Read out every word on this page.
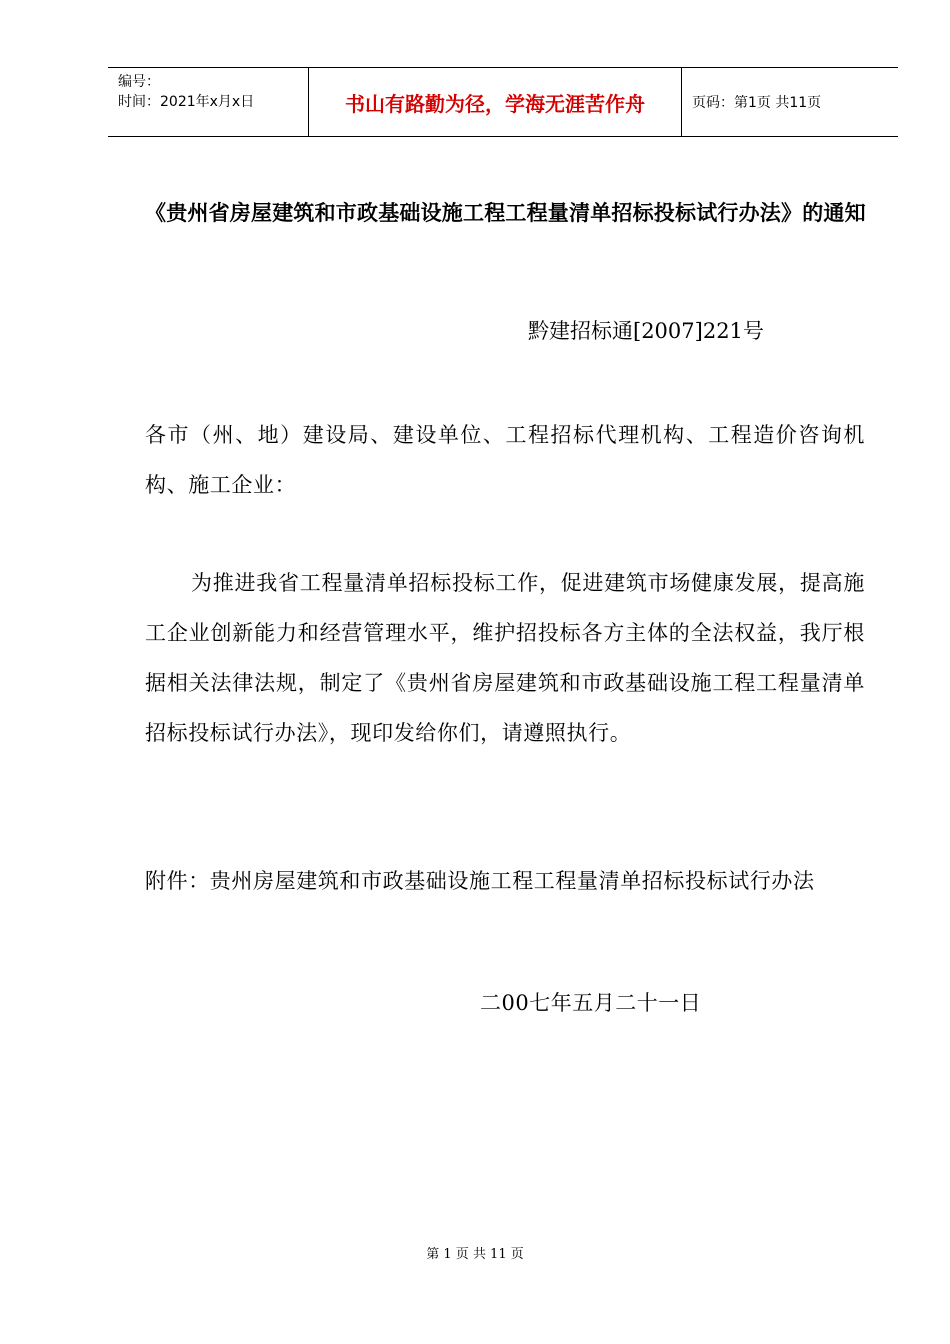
编号：
时间：2021年x月x日	书山有路勤为径，学海无涯苦作舟	页码：第1页 共11页
《贵州省房屋建筑和市政基础设施工程工程量清单招标投标试行办法》的通知
黔建招标通[2007]221号
各市（州、地）建设局、建设单位、工程招标代理机构、工程造价咨询机构、施工企业：
为推进我省工程量清单招标投标工作，促进建筑市场健康发展，提高施工企业创新能力和经营管理水平，维护招投标各方主体的全法权益，我厅根据相关法律法规，制定了《贵州省房屋建筑和市政基础设施工程工程量清单招标投标试行办法》，现印发给你们，请遵照执行。
附件：贵州房屋建筑和市政基础设施工程工程量清单招标投标试行办法
二00七年五月二十一日
第 1 页 共 11 页
